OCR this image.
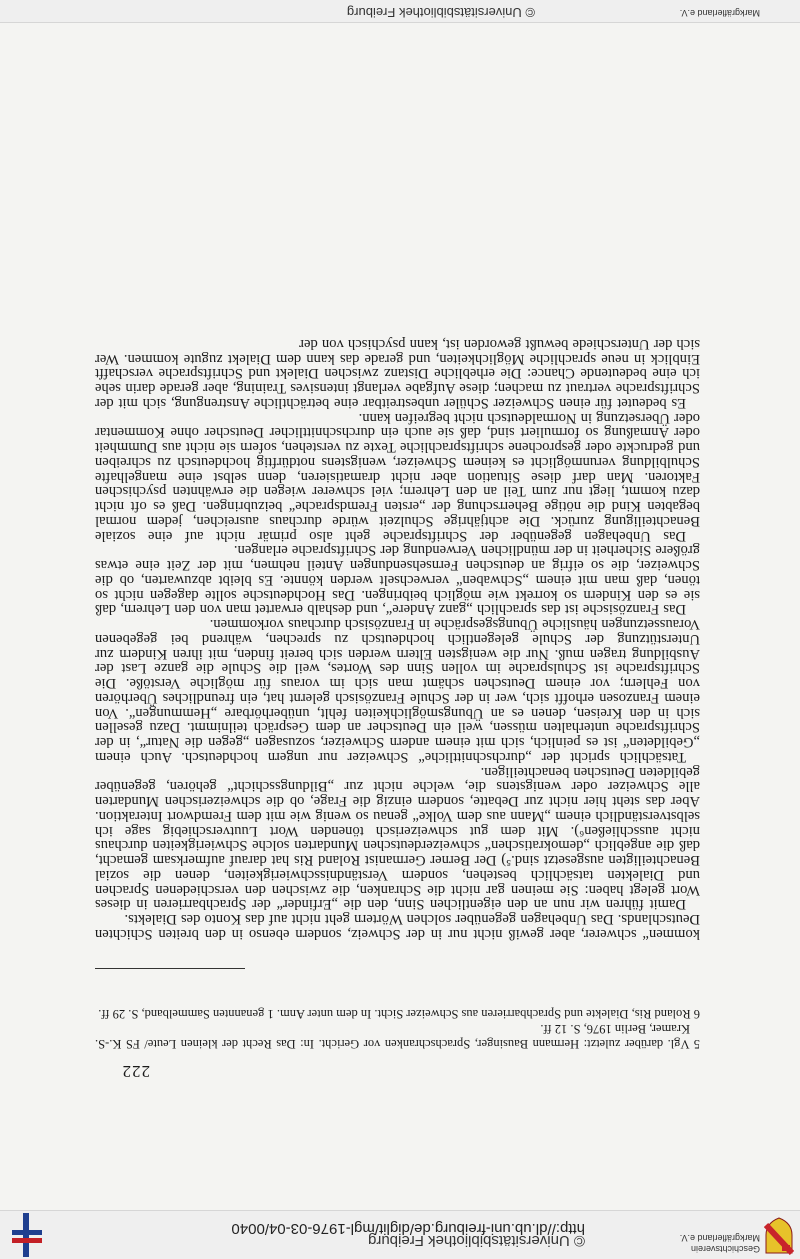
Geschichtsverein
Markgräflerland e.V.
© Universitätsbibliothek Freiburg
http://dl.ub.uni-freiburg.de/diglit/mgl-1976-03-04/0040
222

5 Vgl. darüber zuletzt: Hermann Bausinger, Sprachschranken vor Gericht. In: Das Recht der kleinen Leute/ FS K.-S. Kramer, Berlin 1976, S. 12 ff.

6 Roland Ris, Dialekte und Sprachbarrieren aus Schweizer Sicht. In dem unter Anm. 1 genannten Sammelband, S. 29 ff.

kommen“ schwerer, aber gewiß nicht nur in der Schweiz, sondern ebenso in den breiten Schichten Deutschlands. Das Unbehagen gegenüber solchen Wörtern geht nicht auf das Konto des Dialekts.

Damit führen wir nun an den eigentlichen Sinn, den die „Erfinder“ der Sprachbarrieren in dieses Wort gelegt haben: Sie meinen gar nicht die Schranken, die zwischen den verschiedenen Sprachen und Dialekten tatsächlich bestehen, sondern Verständnisschwierigkeiten, denen die sozial Benachteiligten ausgesetzt sind.⁵) Der Berner Germanist Roland Ris hat darauf aufmerksam gemacht, daß die angeblich „demokratischen“ schweizerdeutschen Mundarten solche Schwierigkeiten durchaus nicht ausschließen⁶). Mit dem gut schweizerisch tönenden Wort Luutverschiebig sage ich selbstverständlich einem „Mann aus dem Volke“ genau so wenig wie mit dem Fremdwort Interaktion. Aber das steht hier nicht zur Debatte, sondern einzig die Frage, ob die schweizerischen Mundarten alle Schweizer oder wenigstens die, welche nicht zur „Bildungsschicht“ gehören, gegenüber gebildeten Deutschen benachteiligen.

Tatsächlich spricht der „durchschnittliche“ Schweizer nur ungern hochdeutsch. Auch einem „Gebildeten“ ist es peinlich, sich mit einem andern Schweizer, sozusagen „gegen die Natur“, in der Schriftsprache unterhalten müssen, weil ein Deutscher an dem Gespräch teilnimmt. Dazu gesellen sich in den Kreisen, denen es an Übungsmöglichkeiten fehlt, unüberhörbare „Hemmungen“. Von einem Franzosen erhofft sich, wer in der Schule Französisch gelernt hat, ein freundliches Überhören von Fehlern; vor einem Deutschen schämt man sich im voraus für mögliche Verstöße. Die Schriftsprache ist Schulsprache im vollen Sinn des Wortes, weil die Schule die ganze Last der Ausbildung tragen muß. Nur die wenigsten Eltern werden sich bereit finden, mit ihren Kindern zur Unterstützung der Schule gelegentlich hochdeutsch zu sprechen, während bei gegebenen Voraussetzungen häusliche Übungsgespräche in Französisch durchaus vorkommen.

Das Französische ist das sprachlich „ganz Andere“, und deshalb erwartet man von den Lehrern, daß sie es den Kindern so korrekt wie möglich beibringen. Das Hochdeutsche sollte dagegen nicht so tönen, daß man mit einem „Schwaben“ verwechselt werden könnte. Es bleibt abzuwarten, ob die Schweizer, die so eifrig an deutschen Fernsehsendungen Anteil nehmen, mit der Zeit eine etwas größere Sicherheit in der mündlichen Verwendung der Schriftsprache erlangen.

Das Unbehagen gegenüber der Schriftsprache geht also primär nicht auf eine soziale Benachteiligung zurück. Die achtjährige Schulzeit würde durchaus ausreichen, jedem normal begabten Kind die nötige Beherrschung der „ersten Fremdsprache“ beizubringen. Daß es oft nicht dazu kommt, liegt nur zum Teil an den Lehrern; viel schwerer wiegen die erwähnten psychischen Faktoren. Man darf diese Situation aber nicht dramatisieren, denn selbst eine mangelhafte Schulbildung verunmöglicht es keinem Schweizer, wenigstens notdürftig hochdeutsch zu schreiben und gedruckte oder gesprochene schriftsprachliche Texte zu verstehen, sofern sie nicht aus Dummheit oder Anmaßung so formuliert sind, daß sie auch ein durchschnittlicher Deutscher ohne Kommentar oder Übersetzung in Normaldeutsch nicht begreifen kann.

Es bedeutet für einen Schweizer Schüler unbestreitbar eine beträchtliche Anstrengung, sich mit der Schriftsprache vertraut zu machen; diese Aufgabe verlangt intensives Training, aber gerade darin sehe ich eine bedeutende Chance: Die erhebliche Distanz zwischen Dialekt und Schriftsprache verschafft Einblick in neue sprachliche Möglichkeiten, und gerade das kann dem Dialekt zugute kommen. Wer sich der Unterschiede bewußt geworden ist, kann psychisch von der

Markgräflerland e.V.
© Universitätsbibliothek Freiburg
